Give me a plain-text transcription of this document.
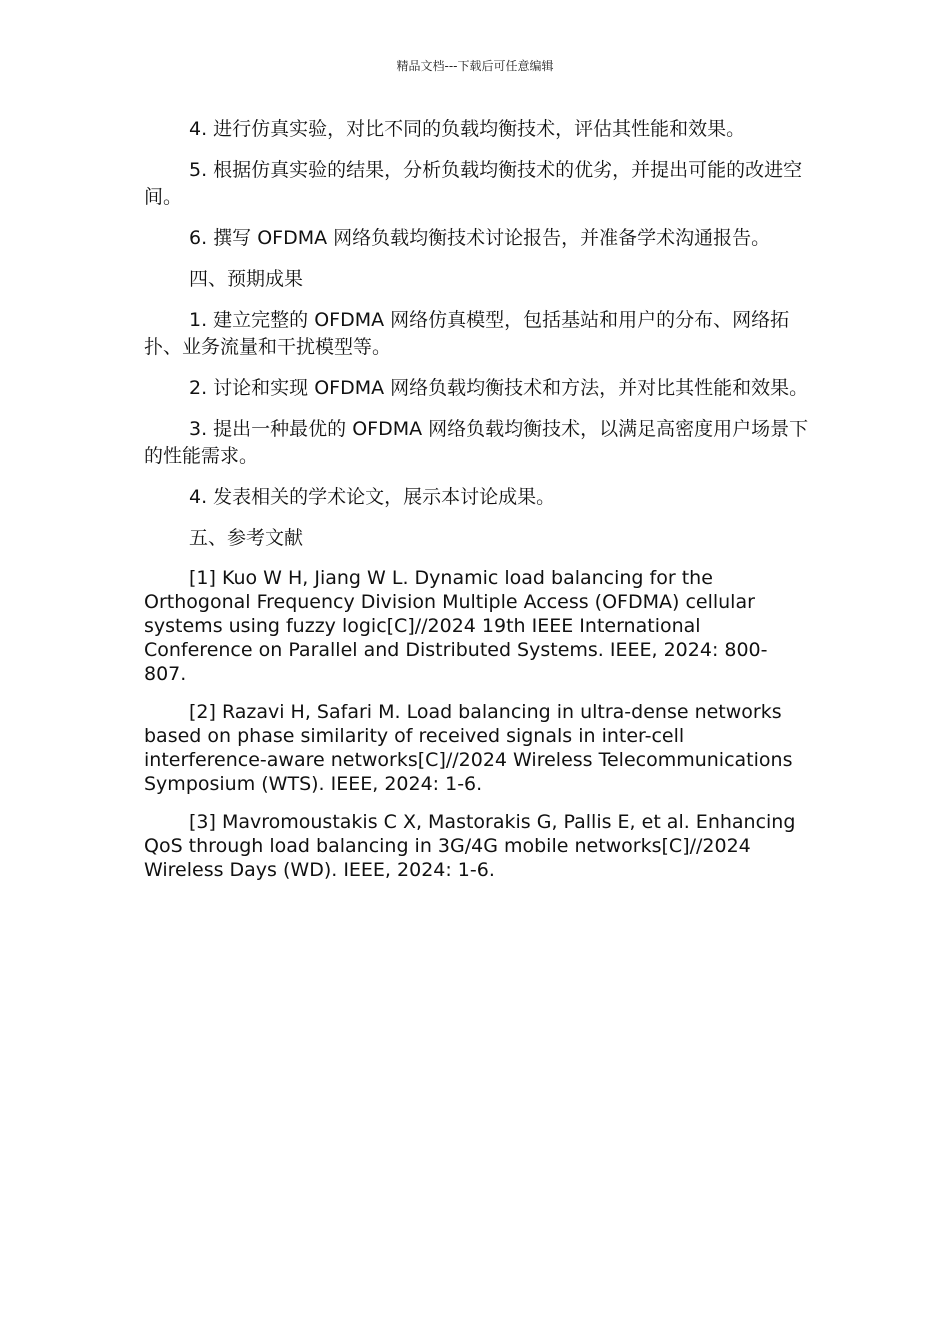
精品文档---下载后可任意编辑

4. 进行仿真实验，对比不同的负载均衡技术，评估其性能和效果。

5. 根据仿真实验的结果，分析负载均衡技术的优劣，并提出可能的改进空间。

6. 撰写 OFDMA 网络负载均衡技术讨论报告，并准备学术沟通报告。

四、预期成果

1. 建立完整的 OFDMA 网络仿真模型，包括基站和用户的分布、网络拓扑、业务流量和干扰模型等。

2. 讨论和实现 OFDMA 网络负载均衡技术和方法，并对比其性能和效果。

3. 提出一种最优的 OFDMA 网络负载均衡技术，以满足高密度用户场景下的性能需求。

4. 发表相关的学术论文，展示本讨论成果。

五、参考文献

[1] Kuo W H, Jiang W L. Dynamic load balancing for the Orthogonal Frequency Division Multiple Access (OFDMA) cellular systems using fuzzy logic[C]//2024 19th IEEE International Conference on Parallel and Distributed Systems. IEEE, 2024: 800-807.

[2] Razavi H, Safari M. Load balancing in ultra-dense networks based on phase similarity of received signals in inter-cell interference-aware networks[C]//2024 Wireless Telecommunications Symposium (WTS). IEEE, 2024: 1-6.

[3] Mavromoustakis C X, Mastorakis G, Pallis E, et al. Enhancing QoS through load balancing in 3G/4G mobile networks[C]//2024 Wireless Days (WD). IEEE, 2024: 1-6.
